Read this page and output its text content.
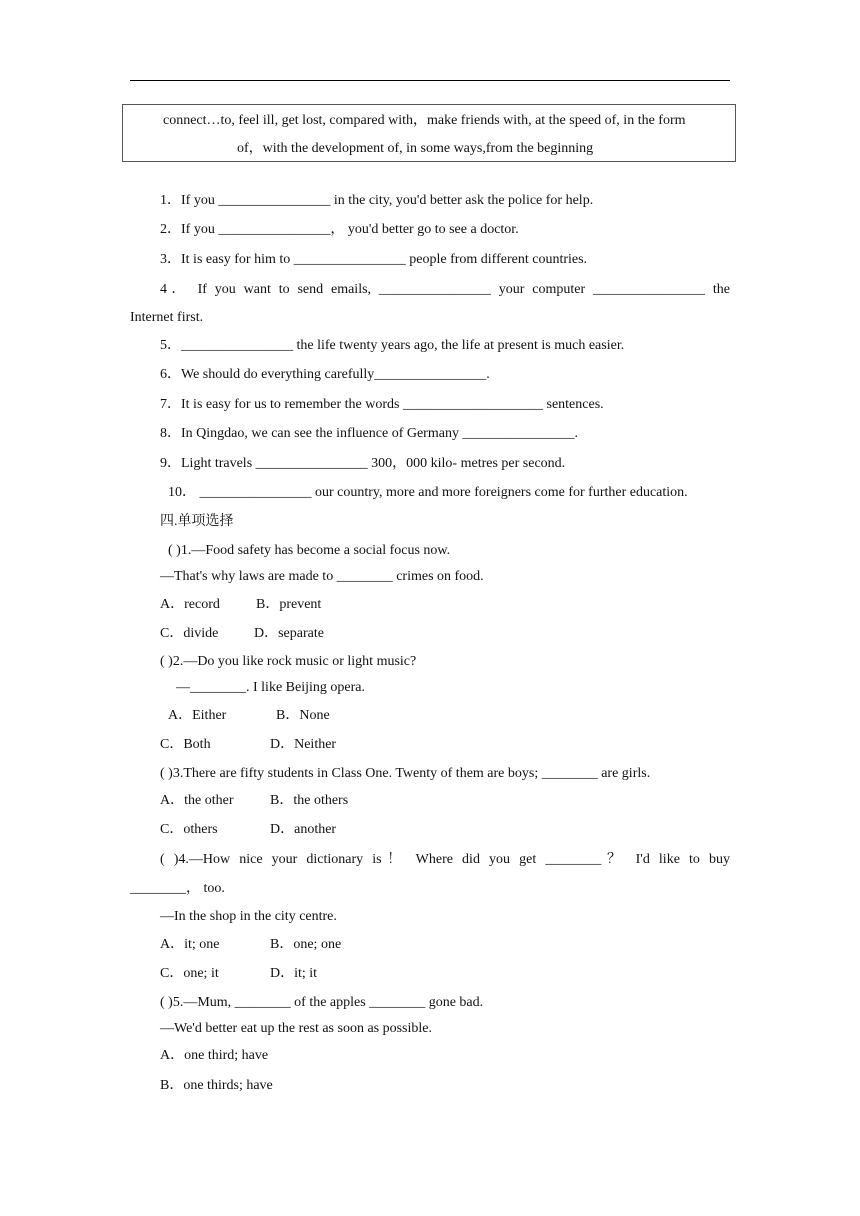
connect…to, feel ill, get lost, compared with，make friends with, at the speed of, in the form
of，with the development of, in some ways,from the beginning
1．If you ________________ in the city, you'd better ask the police for help.
2．If you ________________， you'd better go to see a doctor.
3．It is easy for him to ________________ people from different countries.
4． If you want to send emails, ________________ your computer ________________ the
Internet first.
5．________________ the life twenty years ago, the life at present is much easier.
6．We should do everything carefully________________.
7．It is easy for us to remember the words ____________________ sentences.
8．In Qingdao, we can see the influence of Germany ________________.
9．Light travels ________________ 300，000 kilo- metres per second.
10． ________________ our country, more and more foreigners come for further education.
四.单项选择
( )1.—Food safety has become a social focus now.
—That's why laws are made to ________ crimes on food.
A．record	B．prevent
C．divide	D．separate
( )2.—Do you like rock music or light music?
—________. I like Beijing opera.
A．Either	B．None
C．Both	D．Neither
( )3.There are fifty students in Class One. Twenty of them are boys; ________ are girls.
A．the other	B．the others
C．others	D．another
( )4.—How nice your dictionary is！ Where did you get ________？ I'd like to buy
________， too.
—In the shop in the city centre.
A．it; one	B．one; one
C．one; it	D．it; it
( )5.—Mum, ________ of the apples ________ gone bad.
—We'd better eat up the rest as soon as possible.
A．one third; have
B．one thirds; have
